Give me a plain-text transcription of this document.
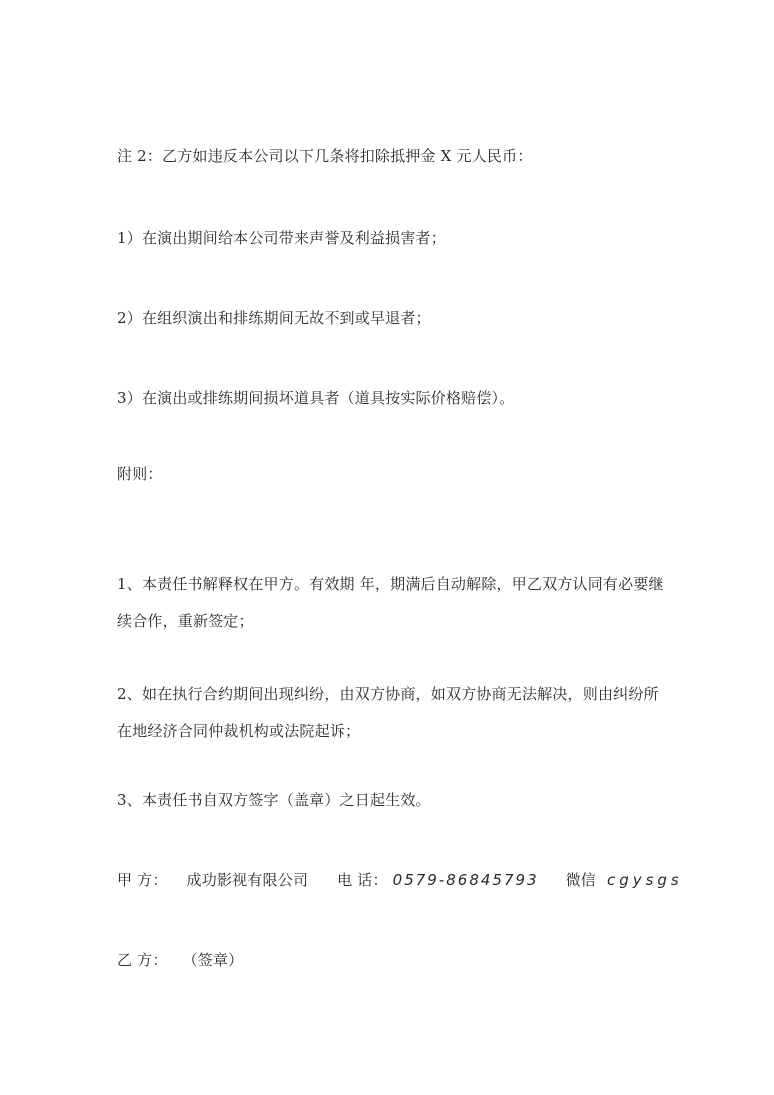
注 2：乙方如违反本公司以下几条将扣除抵押金 X 元人民币：
1）在演出期间给本公司带来声誉及利益损害者；
2）在组织演出和排练期间无故不到或早退者；
3）在演出或排练期间损坏道具者（道具按实际价格赔偿）。
附则：
1、本责任书解释权在甲方。有效期 年，期满后自动解除，甲乙双方认同有必要继续合作，重新签定；
2、如在执行合约期间出现纠纷，由双方协商，如双方协商无法解决，则由纠纷所在地经济合同仲裁机构或法院起诉；
3、本责任书自双方签字（盖章）之日起生效。
甲 方： 成功影视有限公司 电 话： 0579-86845793 微信 cgysgs
乙 方： （签章）
